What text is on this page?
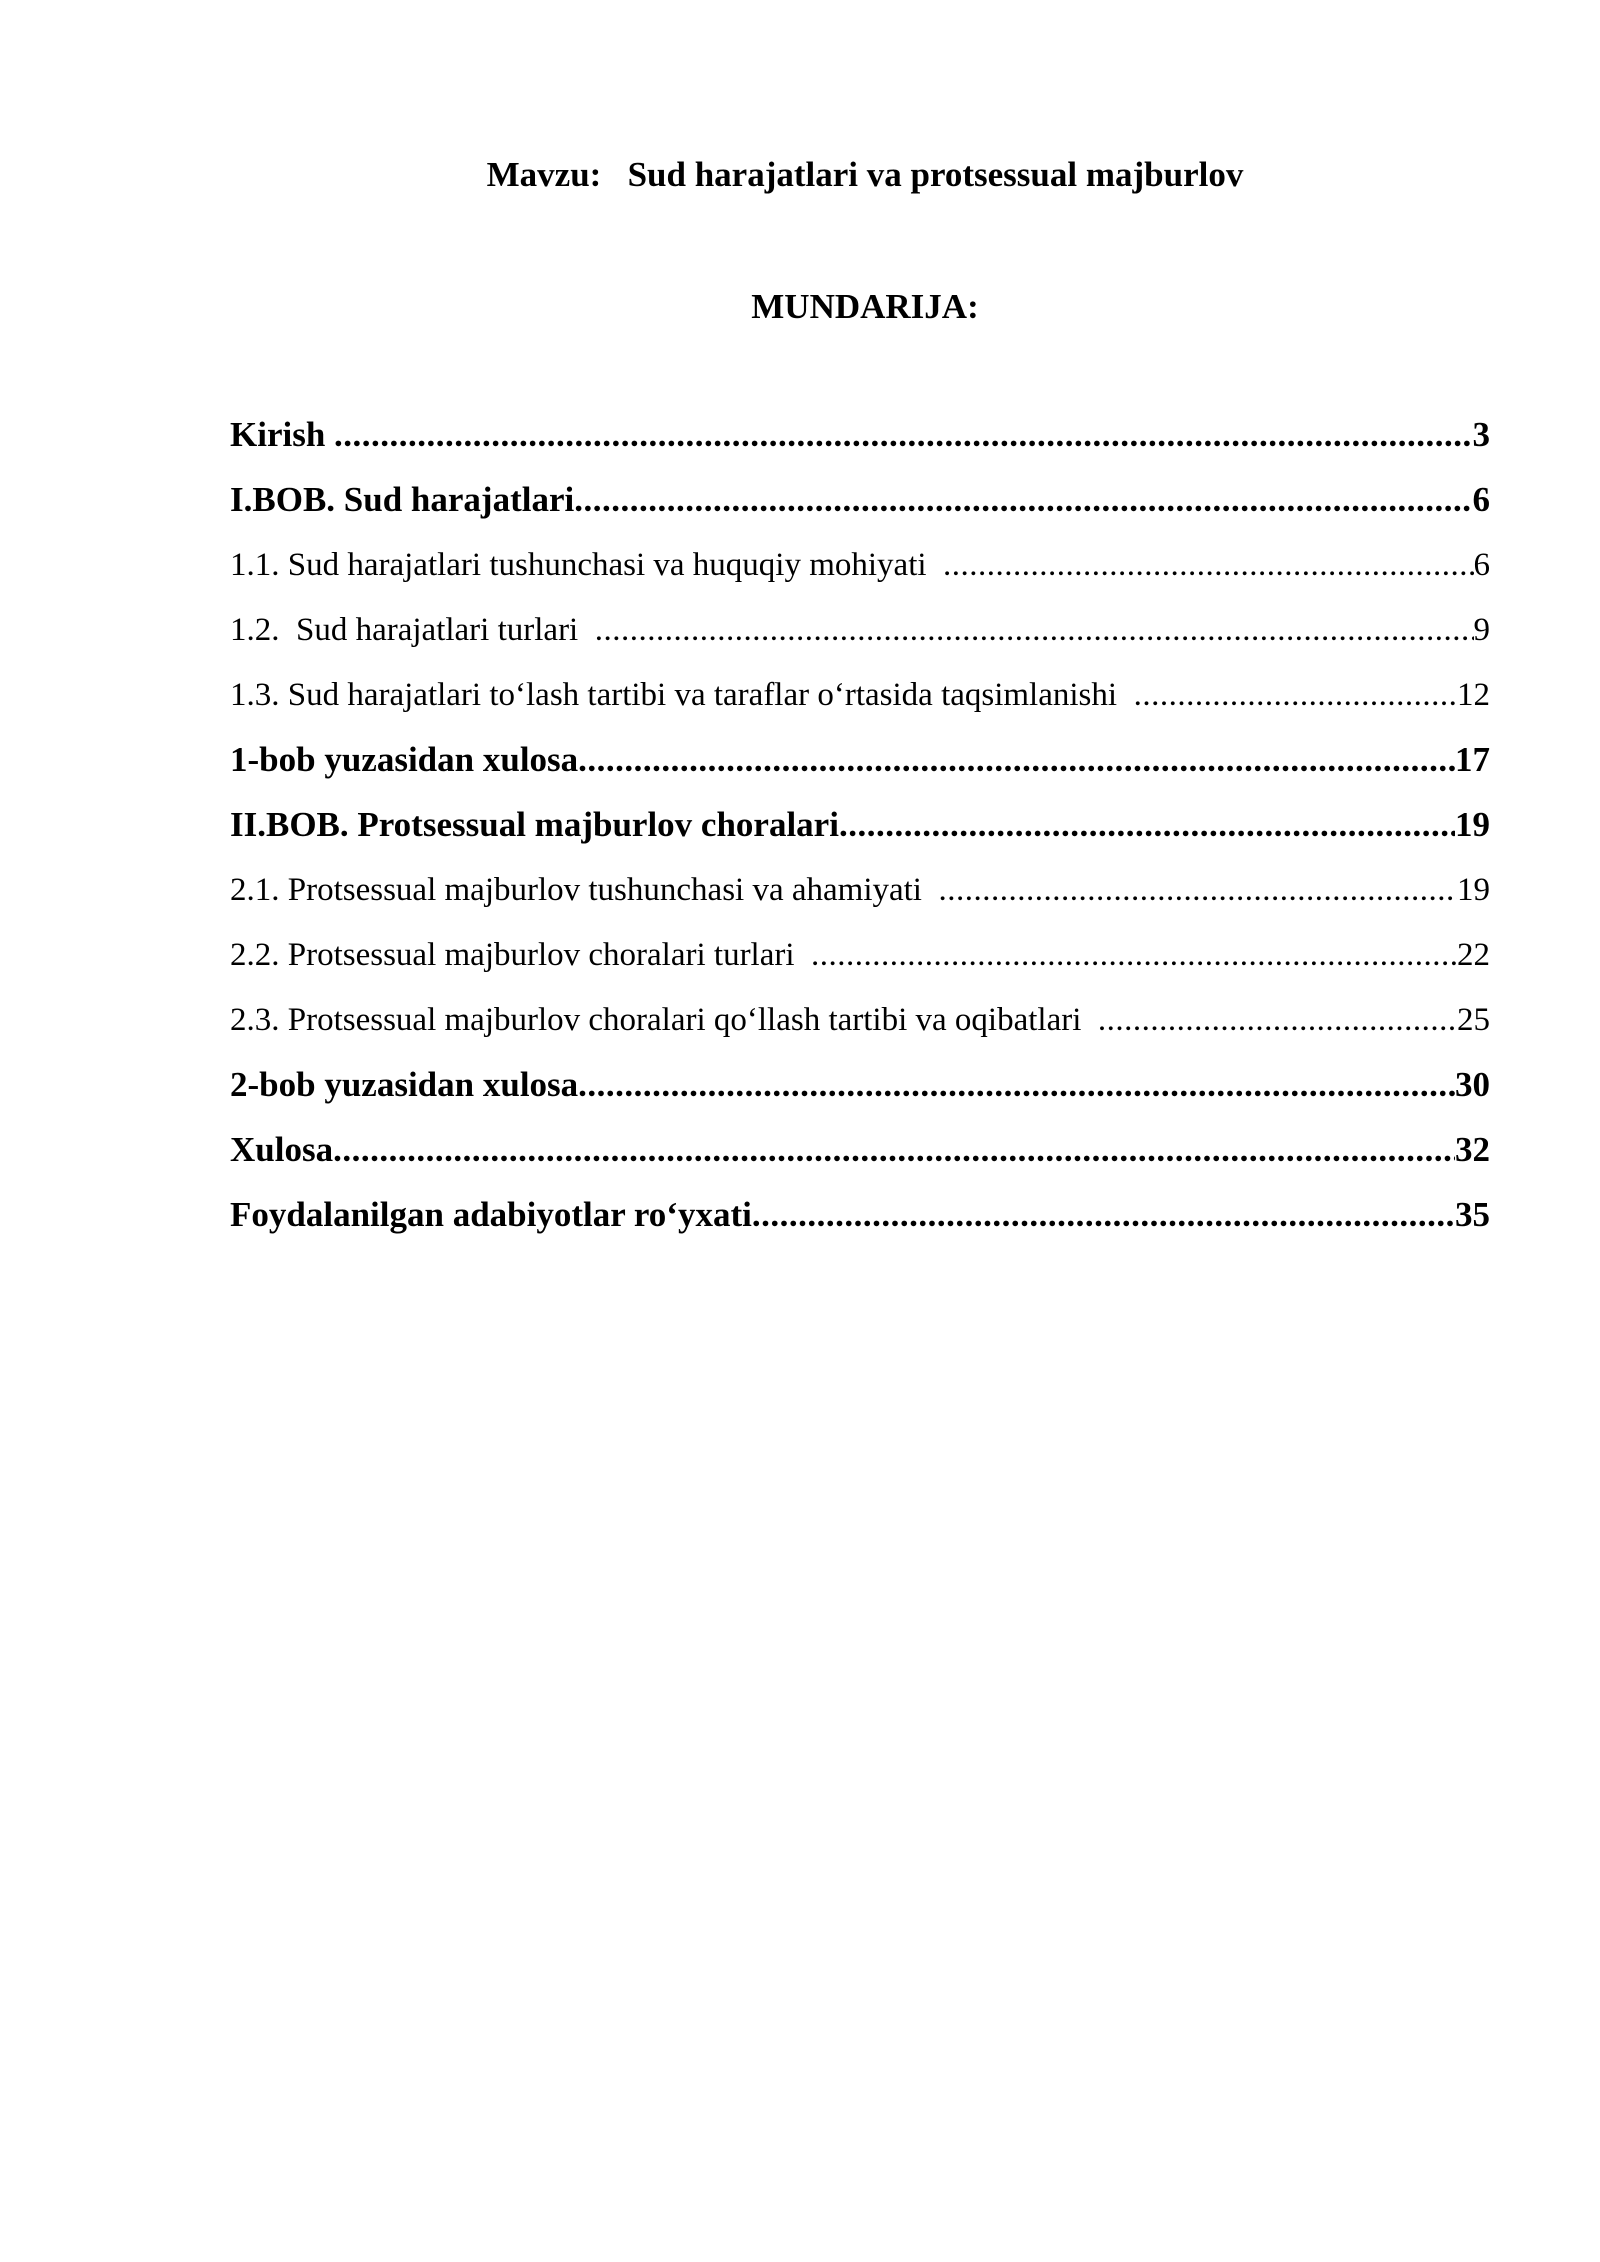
Mavzu:   Sud harajatlari va protsessual majburlov
MUNDARIJA:
Kirish .....	3
I.BOB. Sud harajatlari .....	6
1.1. Sud harajatlari tushunchasi va huquqiy mohiyati .....	6
1.2.  Sud harajatlari turlari .....	9
1.3. Sud harajatlari to‘lash tartibi va taraflar o‘rtasida taqsimlanishi .....	12
1-bob yuzasidan xulosa .....	17
II.BOB. Protsessual majburlov choralari .....	19
2.1. Protsessual majburlov tushunchasi va ahamiyati .....	19
2.2. Protsessual majburlov choralari turlari .....	22
2.3. Protsessual majburlov choralari qo‘llash tartibi va oqibatlari .....	25
2-bob yuzasidan xulosa .....	30
Xulosa .....	32
Foydalanilgan adabiyotlar ro‘yxati .....	35
